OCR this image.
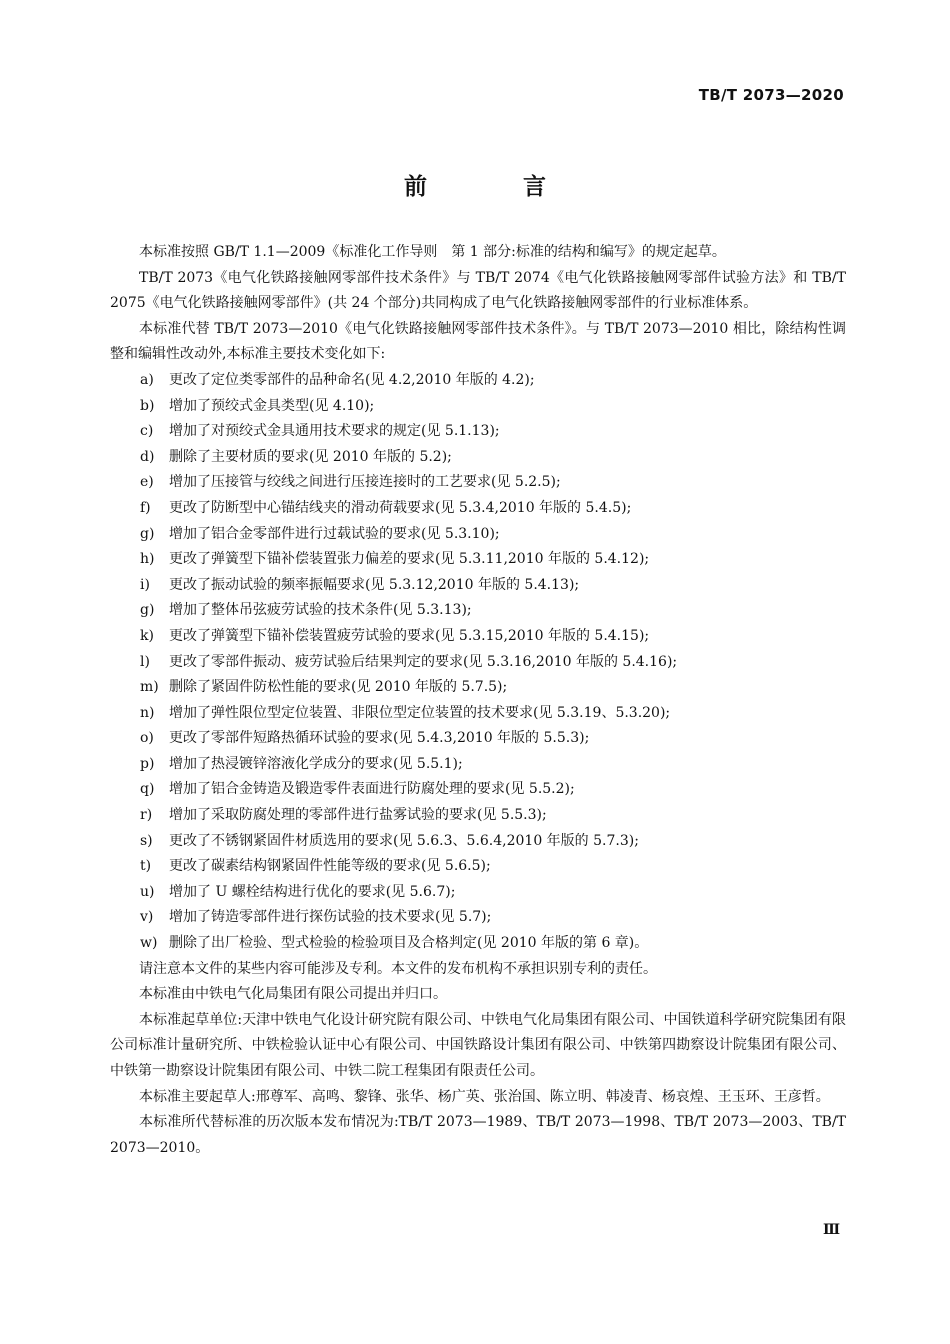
TB/T 2073—2020
前 言

本标准按照 GB/T 1.1—2009《标准化工作导则　第 1 部分:标准的结构和编写》的规定起草。

TB/T 2073《电气化铁路接触网零部件技术条件》与 TB/T 2074《电气化铁路接触网零部件试验方法》和 TB/T 2075《电气化铁路接触网零部件》(共 24 个部分)共同构成了电气化铁路接触网零部件的行业标准体系。

本标准代替 TB/T 2073—2010《电气化铁路接触网零部件技术条件》。与 TB/T 2073—2010 相比，除结构性调整和编辑性改动外,本标准主要技术变化如下:

a) 更改了定位类零部件的品种命名(见 4.2,2010 年版的 4.2);
b) 增加了预绞式金具类型(见 4.10);
c) 增加了对预绞式金具通用技术要求的规定(见 5.1.13);
d) 删除了主要材质的要求(见 2010 年版的 5.2);
e) 增加了压接管与绞线之间进行压接连接时的工艺要求(见 5.2.5);
f) 更改了防断型中心锚结线夹的滑动荷载要求(见 5.3.4,2010 年版的 5.4.5);
g) 增加了铝合金零部件进行过载试验的要求(见 5.3.10);
h) 更改了弹簧型下锚补偿装置张力偏差的要求(见 5.3.11,2010 年版的 5.4.12);
i) 更改了振动试验的频率振幅要求(见 5.3.12,2010 年版的 5.4.13);
g) 增加了整体吊弦疲劳试验的技术条件(见 5.3.13);
k) 更改了弹簧型下锚补偿装置疲劳试验的要求(见 5.3.15,2010 年版的 5.4.15);
l) 更改了零部件振动、疲劳试验后结果判定的要求(见 5.3.16,2010 年版的 5.4.16);
m) 删除了紧固件防松性能的要求(见 2010 年版的 5.7.5);
n) 增加了弹性限位型定位装置、非限位型定位装置的技术要求(见 5.3.19、5.3.20);
o) 更改了零部件短路热循环试验的要求(见 5.4.3,2010 年版的 5.5.3);
p) 增加了热浸镀锌溶液化学成分的要求(见 5.5.1);
q) 增加了铝合金铸造及锻造零件表面进行防腐处理的要求(见 5.5.2);
r) 增加了采取防腐处理的零部件进行盐雾试验的要求(见 5.5.3);
s) 更改了不锈钢紧固件材质选用的要求(见 5.6.3、5.6.4,2010 年版的 5.7.3);
t) 更改了碳素结构钢紧固件性能等级的要求(见 5.6.5);
u) 增加了 U 螺栓结构进行优化的要求(见 5.6.7);
v) 增加了铸造零部件进行探伤试验的技术要求(见 5.7);
w) 删除了出厂检验、型式检验的检验项目及合格判定(见 2010 年版的第 6 章)。

请注意本文件的某些内容可能涉及专利。本文件的发布机构不承担识别专利的责任。

本标准由中铁电气化局集团有限公司提出并归口。

本标准起草单位:天津中铁电气化设计研究院有限公司、中铁电气化局集团有限公司、中国铁道科学研究院集团有限公司标准计量研究所、中铁检验认证中心有限公司、中国铁路设计集团有限公司、中铁第四勘察设计院集团有限公司、中铁第一勘察设计院集团有限公司、中铁二院工程集团有限责任公司。

本标准主要起草人:邢尊军、高鸣、黎锋、张华、杨广英、张治国、陈立明、韩凌青、杨哀煌、王玉环、王彦哲。

本标准所代替标准的历次版本发布情况为:TB/T 2073—1989、TB/T 2073—1998、TB/T 2073—2003、TB/T 2073—2010。

Ⅲ
